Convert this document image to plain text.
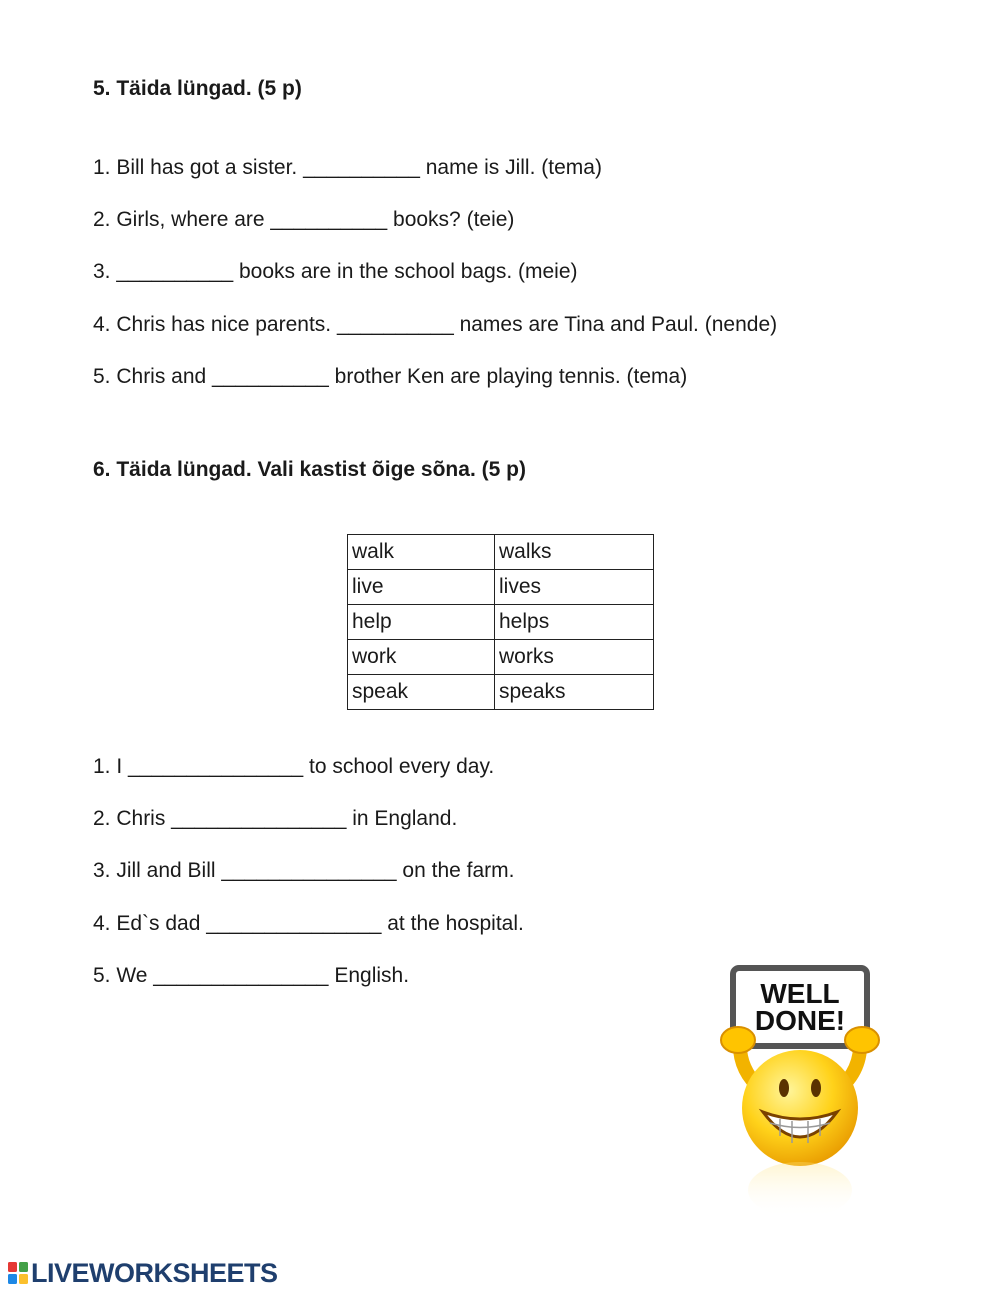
5. Täida lüngad. (5 p)

1. Bill has got a sister. __________ name is Jill. (tema)

2. Girls, where are __________ books? (teie)

3. __________ books are in the school bags. (meie)

4. Chris has nice parents. __________ names are Tina and Paul. (nende)

5. Chris and __________ brother Ken are playing tennis. (tema)

6. Täida lüngad. Vali kastist õige sõna. (5 p)
walk	walks
live	lives
help	helps
work	works
speak	speaks

1. I _______________ to school every day.

2. Chris _______________ in England.

3. Jill and Bill _______________ on the farm.

4. Ed`s dad _______________ at the hospital.

5. We _______________ English.

WELL
DONE!
LIVEWORKSHEETS
